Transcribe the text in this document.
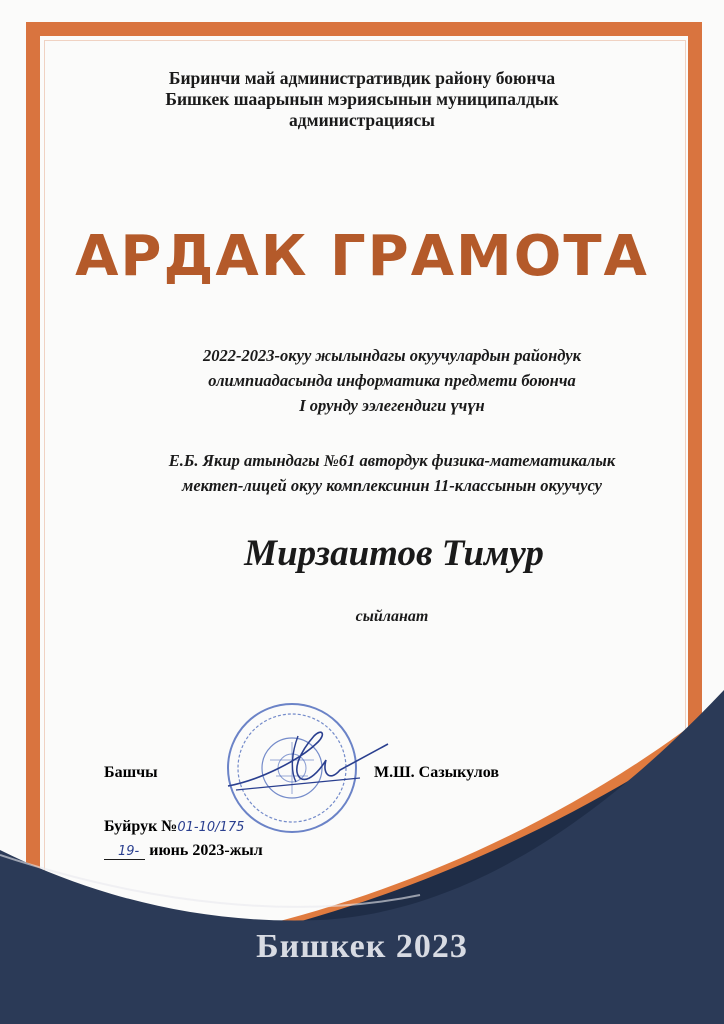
Биринчи май административдик району боюнча
Бишкек шаарынын мэриясынын муниципалдык
администрациясы
АРДАК ГРАМОТА
2022-2023-окуу жылындагы окуучулардын райондук
олимпиадасында информатика предмети боюнча
I орунду ээлегендиги үчүн
Е.Б. Якир атындагы №61 автордук физика-математикалык
мектеп-лицей окуу комплексинин 11-классынын окуучусу
Мирзаитов Тимур
сыйланат
Башчы	М.Ш. Сазыкулов
Буйрук №01-10/175
19- июнь 2023-жыл
Бишкек 2023
